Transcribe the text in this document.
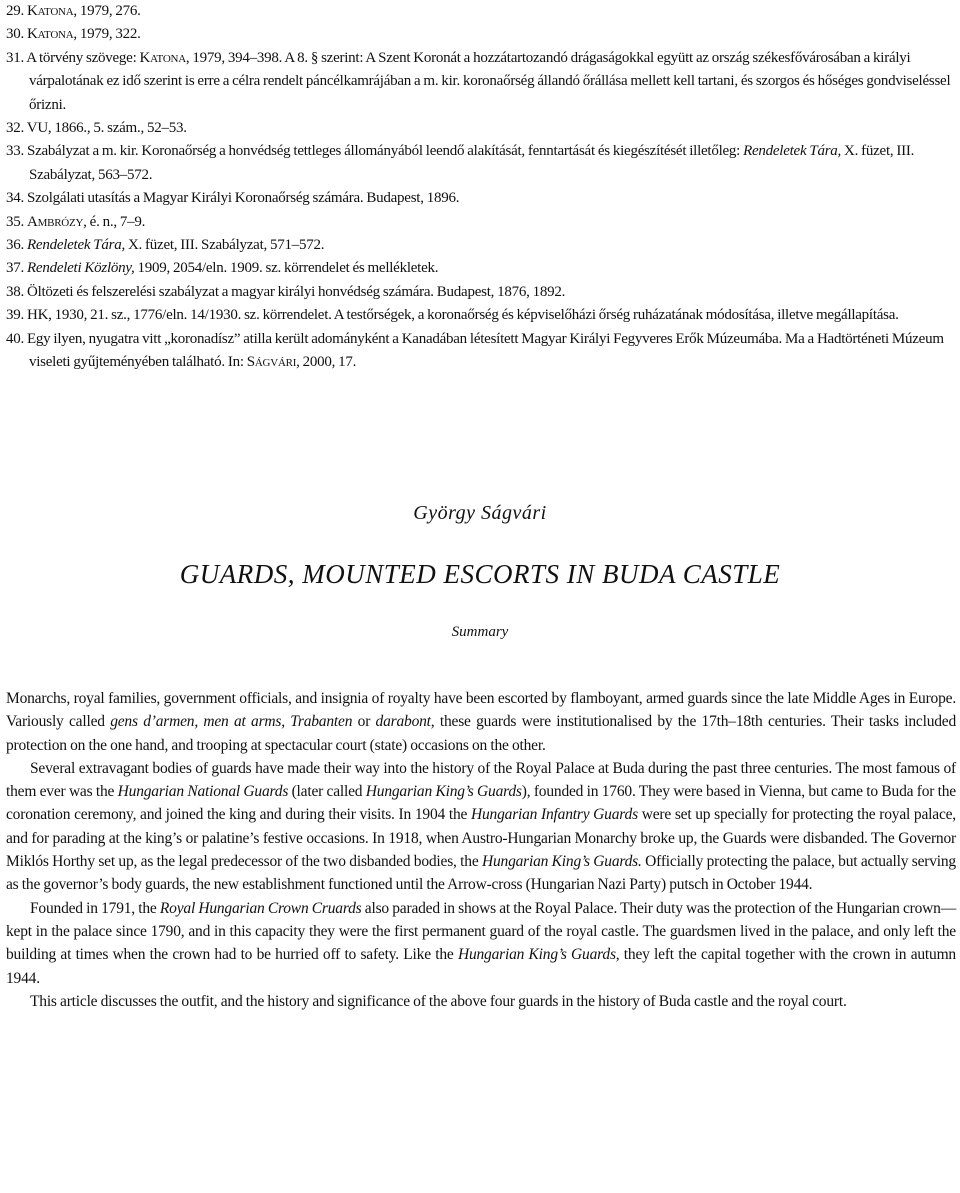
29. Katona, 1979, 276.

30. Katona, 1979, 322.

31. A törvény szövege: Katona, 1979, 394–398. A 8. § szerint: A Szent Koronát a hozzátartozandó drágaságokkal együtt az ország székesfővárosában a királyi várpalotának ez idő szerint is erre a célra rendelt páncélkamrájában a m. kir. koronaőrség állandó őrállása mellett kell tartani, és szorgos és hőséges gondviseléssel őrizni.

32. VU, 1866., 5. szám., 52–53.

33. Szabályzat a m. kir. Koronaőrség a honvédség tettleges állományából leendő alakítását, fenntartását és kiegészítését illetőleg: Rendeletek Tára, X. füzet, III. Szabályzat, 563–572.

34. Szolgálati utasítás a Magyar Királyi Koronaőrség számára. Budapest, 1896.

35. Ambrózy, é. n., 7–9.

36. Rendeletek Tára, X. füzet, III. Szabályzat, 571–572.

37. Rendeleti Közlöny, 1909, 2054/eln. 1909. sz. körrendelet és mellékletek.

38. Öltözeti és felszerelési szabályzat a magyar királyi honvédség számára. Budapest, 1876, 1892.

39. HK, 1930, 21. sz., 1776/eln. 14/1930. sz. körrendelet. A testőrségek, a koronaőrség és képviselőházi őrség ruházatának módosítása, illetve megállapítása.

40. Egy ilyen, nyugatra vitt „koronadísz” atilla került adományként a Kanadában létesített Magyar Királyi Fegyveres Erők Múzeumába. Ma a Hadtörténeti Múzeum viseleti gyűjteményében található. In: Ságvári, 2000, 17.

György Ságvári
GUARDS, MOUNTED ESCORTS IN BUDA CASTLE
Summary

Monarchs, royal families, government officials, and insignia of royalty have been escorted by flamboyant, armed guards since the late Middle Ages in Europe. Variously called gens d’armen, men at arms, Trabanten or darabont, these guards were institutionalised by the 17th–18th centuries. Their tasks included protection on the one hand, and trooping at spectacular court (state) occasions on the other.

Several extravagant bodies of guards have made their way into the history of the Royal Palace at Buda during the past three centuries. The most famous of them ever was the Hungarian National Guards (later called Hungarian King’s Guards), founded in 1760. They were based in Vienna, but came to Buda for the coronation ceremony, and joined the king and during their visits. In 1904 the Hungarian Infantry Guards were set up specially for protecting the royal palace, and for parading at the king’s or palatine’s festive occasions. In 1918, when Austro-Hungarian Monarchy broke up, the Guards were disbanded. The Governor Miklós Horthy set up, as the legal predecessor of the two disbanded bodies, the Hungarian King’s Guards. Officially protecting the palace, but actually serving as the governor’s body guards, the new establishment functioned until the Arrow-cross (Hungarian Nazi Party) putsch in October 1944.

Founded in 1791, the Royal Hungarian Crown Cruards also paraded in shows at the Royal Palace. Their duty was the protection of the Hungarian crown—kept in the palace since 1790, and in this capacity they were the first permanent guard of the royal castle. The guardsmen lived in the palace, and only left the building at times when the crown had to be hurried off to safety. Like the Hungarian King’s Guards, they left the capital together with the crown in autumn 1944.

This article discusses the outfit, and the history and significance of the above four guards in the history of Buda castle and the royal court.
